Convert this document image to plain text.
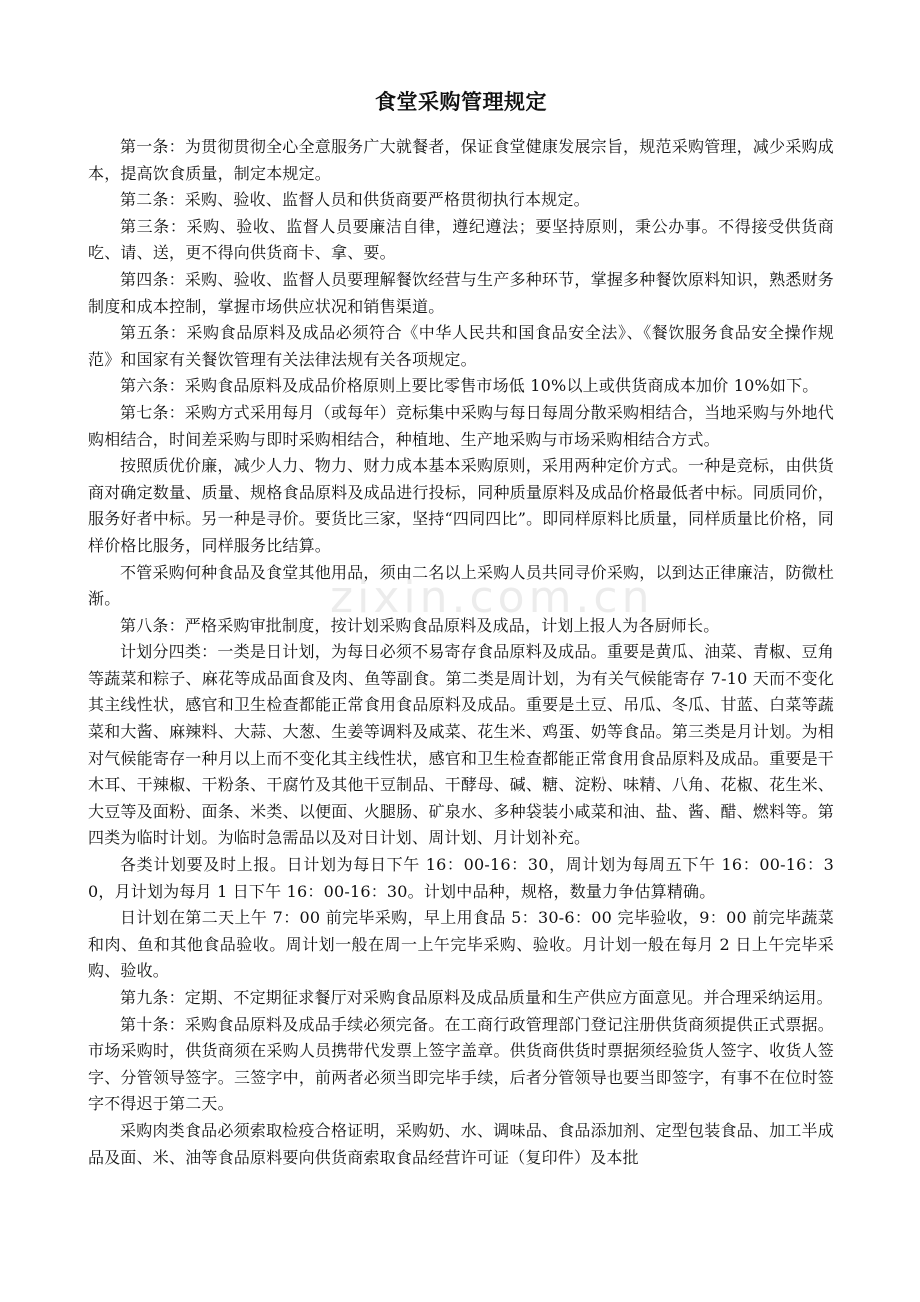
食堂采购管理规定

第一条：为贯彻贯彻全心全意服务广大就餐者，保证食堂健康发展宗旨，规范采购管理，减少采购成本，提高饮食质量，制定本规定。

第二条：采购、验收、监督人员和供货商要严格贯彻执行本规定。

第三条：采购、验收、监督人员要廉洁自律，遵纪遵法；要坚持原则，秉公办事。不得接受供货商吃、请、送，更不得向供货商卡、拿、要。

第四条：采购、验收、监督人员要理解餐饮经营与生产多种环节，掌握多种餐饮原料知识，熟悉财务制度和成本控制，掌握市场供应状况和销售渠道。

第五条：采购食品原料及成品必须符合《中华人民共和国食品安全法》、《餐饮服务食品安全操作规范》和国家有关餐饮管理有关法律法规有关各项规定。

第六条：采购食品原料及成品价格原则上要比零售市场低 10%以上或供货商成本加价 10%如下。

第七条：采购方式采用每月（或每年）竞标集中采购与每日每周分散采购相结合，当地采购与外地代购相结合，时间差采购与即时采购相结合，种植地、生产地采购与市场采购相结合方式。

按照质优价廉，减少人力、物力、财力成本基本采购原则，采用两种定价方式。一种是竞标，由供货商对确定数量、质量、规格食品原料及成品进行投标，同种质量原料及成品价格最低者中标。同质同价，服务好者中标。另一种是寻价。要货比三家，坚持“四同四比”。即同样原料比质量，同样质量比价格，同样价格比服务，同样服务比结算。

不管采购何种食品及食堂其他用品，须由二名以上采购人员共同寻价采购，以到达正律廉洁，防微杜渐。

第八条：严格采购审批制度，按计划采购食品原料及成品，计划上报人为各厨师长。

计划分四类：一类是日计划，为每日必须不易寄存食品原料及成品。重要是黄瓜、油菜、青椒、豆角等蔬菜和粽子、麻花等成品面食及肉、鱼等副食。第二类是周计划，为有关气候能寄存 7-10 天而不变化其主线性状，感官和卫生检查都能正常食用食品原料及成品。重要是土豆、吊瓜、冬瓜、甘蓝、白菜等蔬菜和大酱、麻辣料、大蒜、大葱、生姜等调料及咸菜、花生米、鸡蛋、奶等食品。第三类是月计划。为相对气候能寄存一种月以上而不变化其主线性状，感官和卫生检查都能正常食用食品原料及成品。重要是干木耳、干辣椒、干粉条、干腐竹及其他干豆制品、干酵母、碱、糖、淀粉、味精、八角、花椒、花生米、大豆等及面粉、面条、米类、以便面、火腿肠、矿泉水、多种袋装小咸菜和油、盐、酱、醋、燃料等。第四类为临时计划。为临时急需品以及对日计划、周计划、月计划补充。

各类计划要及时上报。日计划为每日下午 16：00-16：30，周计划为每周五下午 16：00-16：30，月计划为每月 1 日下午 16：00-16：30。计划中品种，规格，数量力争估算精确。

日计划在第二天上午 7：00 前完毕采购，早上用食品 5：30-6：00 完毕验收，9：00 前完毕蔬菜和肉、鱼和其他食品验收。周计划一般在周一上午完毕采购、验收。月计划一般在每月 2 日上午完毕采购、验收。

第九条：定期、不定期征求餐厅对采购食品原料及成品质量和生产供应方面意见。并合理采纳运用。

第十条：采购食品原料及成品手续必须完备。在工商行政管理部门登记注册供货商须提供正式票据。市场采购时，供货商须在采购人员携带代发票上签字盖章。供货商供货时票据须经验货人签字、收货人签字、分管领导签字。三签字中，前两者必须当即完毕手续，后者分管领导也要当即签字，有事不在位时签字不得迟于第二天。

采购肉类食品必须索取检疫合格证明，采购奶、水、调味品、食品添加剂、定型包装食品、加工半成品及面、米、油等食品原料要向供货商索取食品经营许可证（复印件）及本批

zixin.com.cn
